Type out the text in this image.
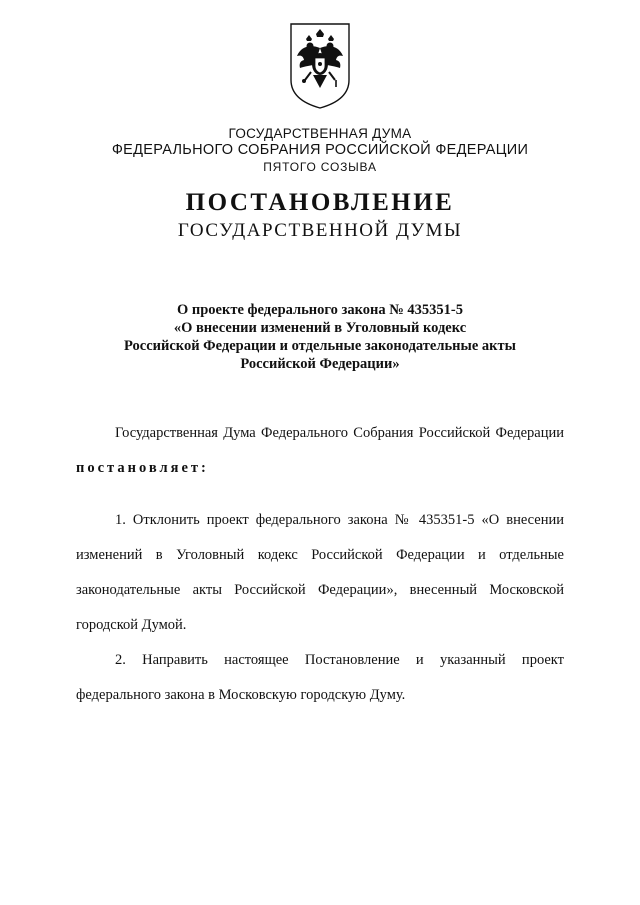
ГОСУДАРСТВЕННАЯ ДУМА
ФЕДЕРАЛЬНОГО СОБРАНИЯ РОССИЙСКОЙ ФЕДЕРАЦИИ
ПЯТОГО СОЗЫВА
ПОСТАНОВЛЕНИЕ
ГОСУДАРСТВЕННОЙ ДУМЫ
О проекте федерального закона № 435351-5
«О внесении изменений в Уголовный кодекс
Российской Федерации и отдельные законодательные акты
Российской Федерации»
Государственная Дума Федерального Собрания Российской Федерации постановляет:
1. Отклонить проект федерального закона № 435351-5 «О внесении изменений в Уголовный кодекс Российской Федерации и отдельные законодательные акты Российской Федерации», внесенный Московской городской Думой.
2. Направить настоящее Постановление и указанный проект федерального закона в Московскую городскую Думу.
